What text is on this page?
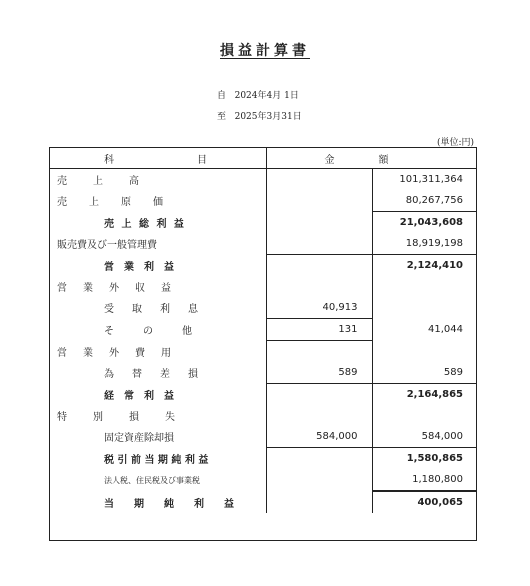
損益計算書
自 2024年4月 1日
至 2025年3月31日
(単位:円)
科 目	金 額	

売　　上　　高		101,311,364
売　上　原　価		80,267,756
売 上 総 利 益		21,043,608
販売費及び一般管理費		18,919,198
営　業　利　益		2,124,410
営　業　外　収　益		
受　取　利　息	40,913	
そ　　の　　他	131	41,044
営　業　外　費　用		
為　替　差　損	589	589
経　常　利　益		2,164,865
特　　別　　損　　失		
固定資産除却損	584,000	584,000
税 引 前 当 期 純 利 益		1,580,865
法人税、住民税及び事業税		1,180,800
当　　期　　純　　利　　益		400,065
